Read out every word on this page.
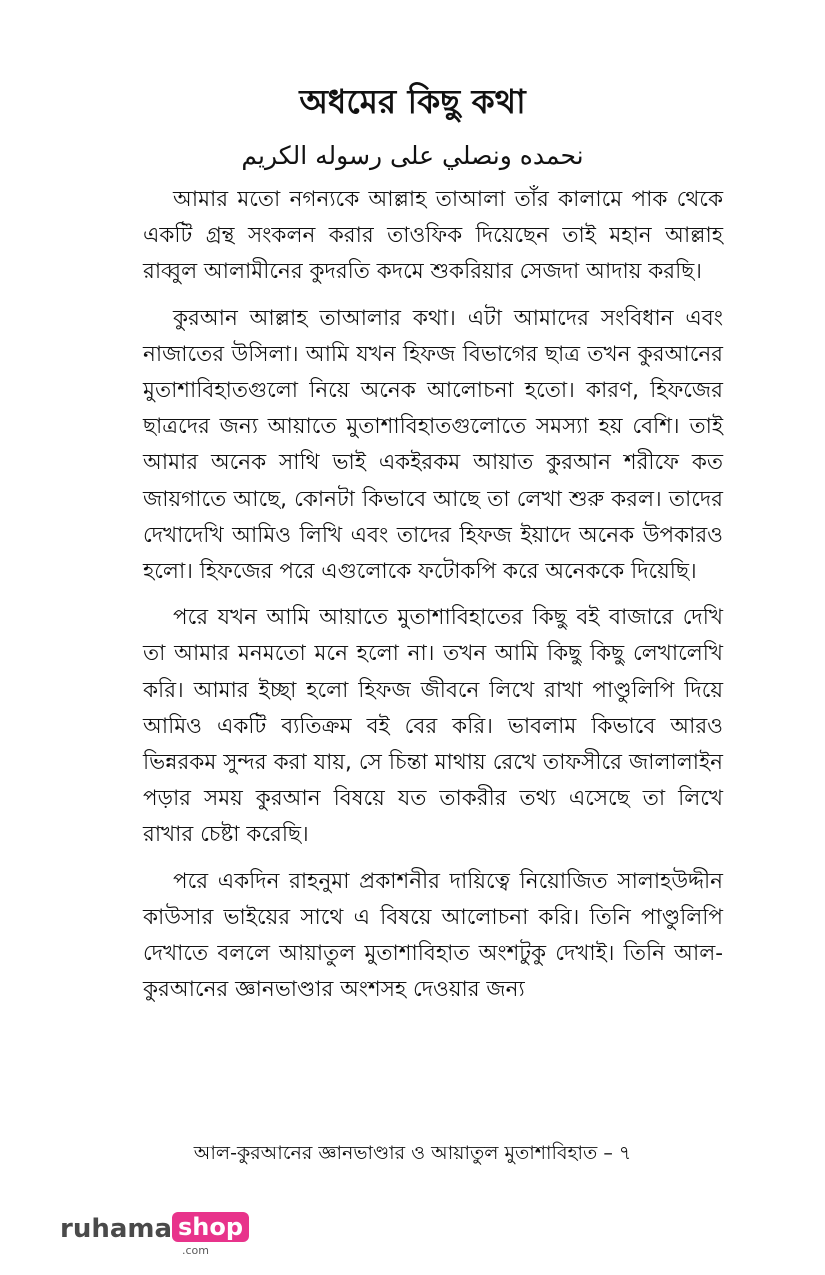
অধমের কিছু কথা
نحمده ونصلي على رسوله الكريم

আমার মতো নগন্যকে আল্লাহ তাআলা তাঁর কালামে পাক থেকে একটি গ্রন্থ সংকলন করার তাওফিক দিয়েছেন তাই মহান আল্লাহ রাব্বুল আলামীনের কুদরতি কদমে শুকরিয়ার সেজদা আদায় করছি।

কুরআন আল্লাহ তাআলার কথা। এটা আমাদের সংবিধান এবং নাজাতের উসিলা। আমি যখন হিফজ বিভাগের ছাত্র তখন কুরআনের মুতাশাবিহাতগুলো নিয়ে অনেক আলোচনা হতো। কারণ, হিফজের ছাত্রদের জন্য আয়াতে মুতাশাবিহাতগুলোতে সমস্যা হয় বেশি। তাই আমার অনেক সাথি ভাই একইরকম আয়াত কুরআন শরীফে কত জায়গাতে আছে, কোনটা কিভাবে আছে তা লেখা শুরু করল। তাদের দেখাদেখি আমিও লিখি এবং তাদের হিফজ ইয়াদে অনেক উপকারও হলো। হিফজের পরে এগুলোকে ফটোকপি করে অনেককে দিয়েছি।

পরে যখন আমি আয়াতে মুতাশাবিহাতের কিছু বই বাজারে দেখি তা আমার মনমতো মনে হলো না। তখন আমি কিছু কিছু লেখালেখি করি। আমার ইচ্ছা হলো হিফজ জীবনে লিখে রাখা পাণ্ডুলিপি দিয়ে আমিও একটি ব্যতিক্রম বই বের করি। ভাবলাম কিভাবে আরও ভিন্নরকম সুন্দর করা যায়, সে চিন্তা মাথায় রেখে তাফসীরে জালালাইন পড়ার সময় কুরআন বিষয়ে যত তাকরীর তথ্য এসেছে তা লিখে রাখার চেষ্টা করেছি।

পরে একদিন রাহনুমা প্রকাশনীর দায়িত্বে নিয়োজিত সালাহউদ্দীন কাউসার ভাইয়ের সাথে এ বিষয়ে আলোচনা করি। তিনি পাণ্ডুলিপি দেখাতে বললে আয়াতুল মুতাশাবিহাত অংশটুকু দেখাই। তিনি আল-কুরআনের জ্ঞানভাণ্ডার অংশসহ দেওয়ার জন্য

আল-কুরআনের জ্ঞানভাণ্ডার ও আয়াতুল মুতাশাবিহাত – ৭
ruhama shop
.com
